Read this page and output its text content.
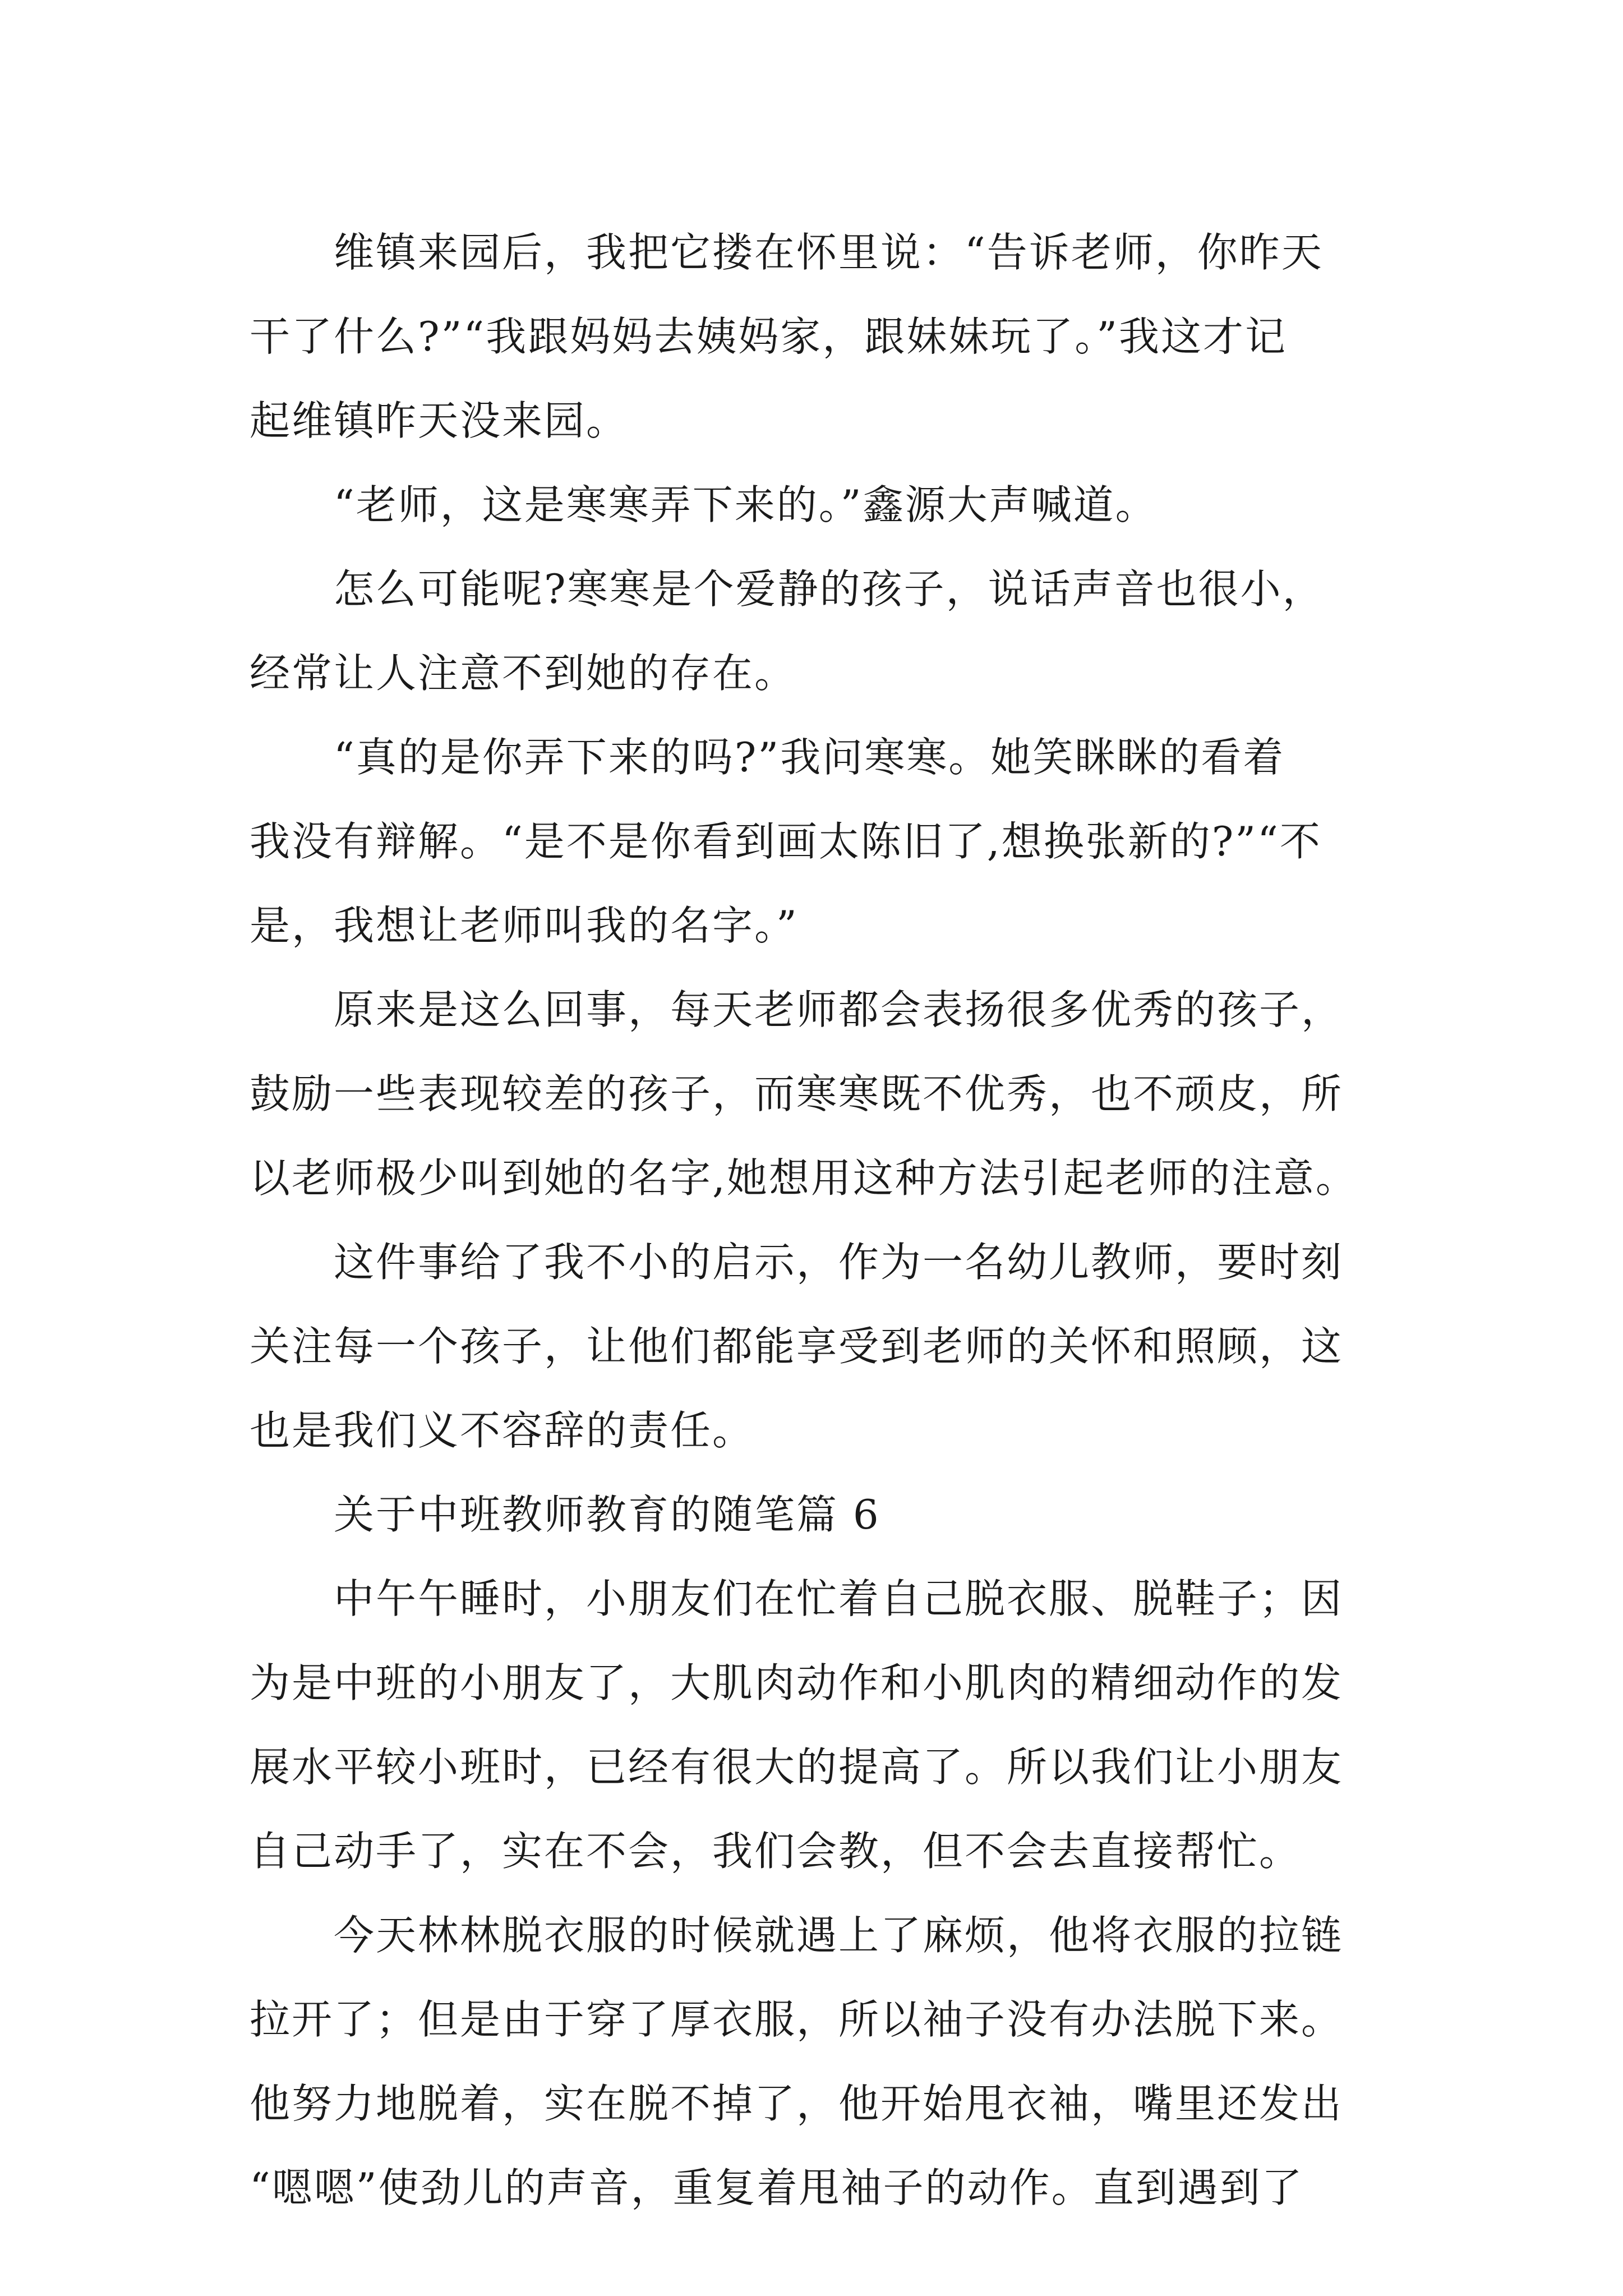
　　维镇来园后，我把它搂在怀里说：“告诉老师，你昨天
干了什么?”“我跟妈妈去姨妈家，跟妹妹玩了。”我这才记
起维镇昨天没来园。
　　“老师，这是寒寒弄下来的。”鑫源大声喊道。
　　怎么可能呢?寒寒是个爱静的孩子，说话声音也很小，
经常让人注意不到她的存在。
　　“真的是你弄下来的吗?”我问寒寒。她笑眯眯的看着
我没有辩解。“是不是你看到画太陈旧了,想换张新的?”“不
是，我想让老师叫我的名字。”
　　原来是这么回事，每天老师都会表扬很多优秀的孩子，
鼓励一些表现较差的孩子，而寒寒既不优秀，也不顽皮，所
以老师极少叫到她的名字,她想用这种方法引起老师的注意。
　　这件事给了我不小的启示，作为一名幼儿教师，要时刻
关注每一个孩子，让他们都能享受到老师的关怀和照顾，这
也是我们义不容辞的责任。
　　关于中班教师教育的随笔篇 6
　　中午午睡时，小朋友们在忙着自己脱衣服、脱鞋子；因
为是中班的小朋友了，大肌肉动作和小肌肉的精细动作的发
展水平较小班时，已经有很大的提高了。所以我们让小朋友
自己动手了，实在不会，我们会教，但不会去直接帮忙。
　　今天林林脱衣服的时候就遇上了麻烦，他将衣服的拉链
拉开了；但是由于穿了厚衣服，所以袖子没有办法脱下来。
他努力地脱着，实在脱不掉了，他开始甩衣袖，嘴里还发出
“嗯嗯”使劲儿的声音，重复着甩袖子的动作。直到遇到了
